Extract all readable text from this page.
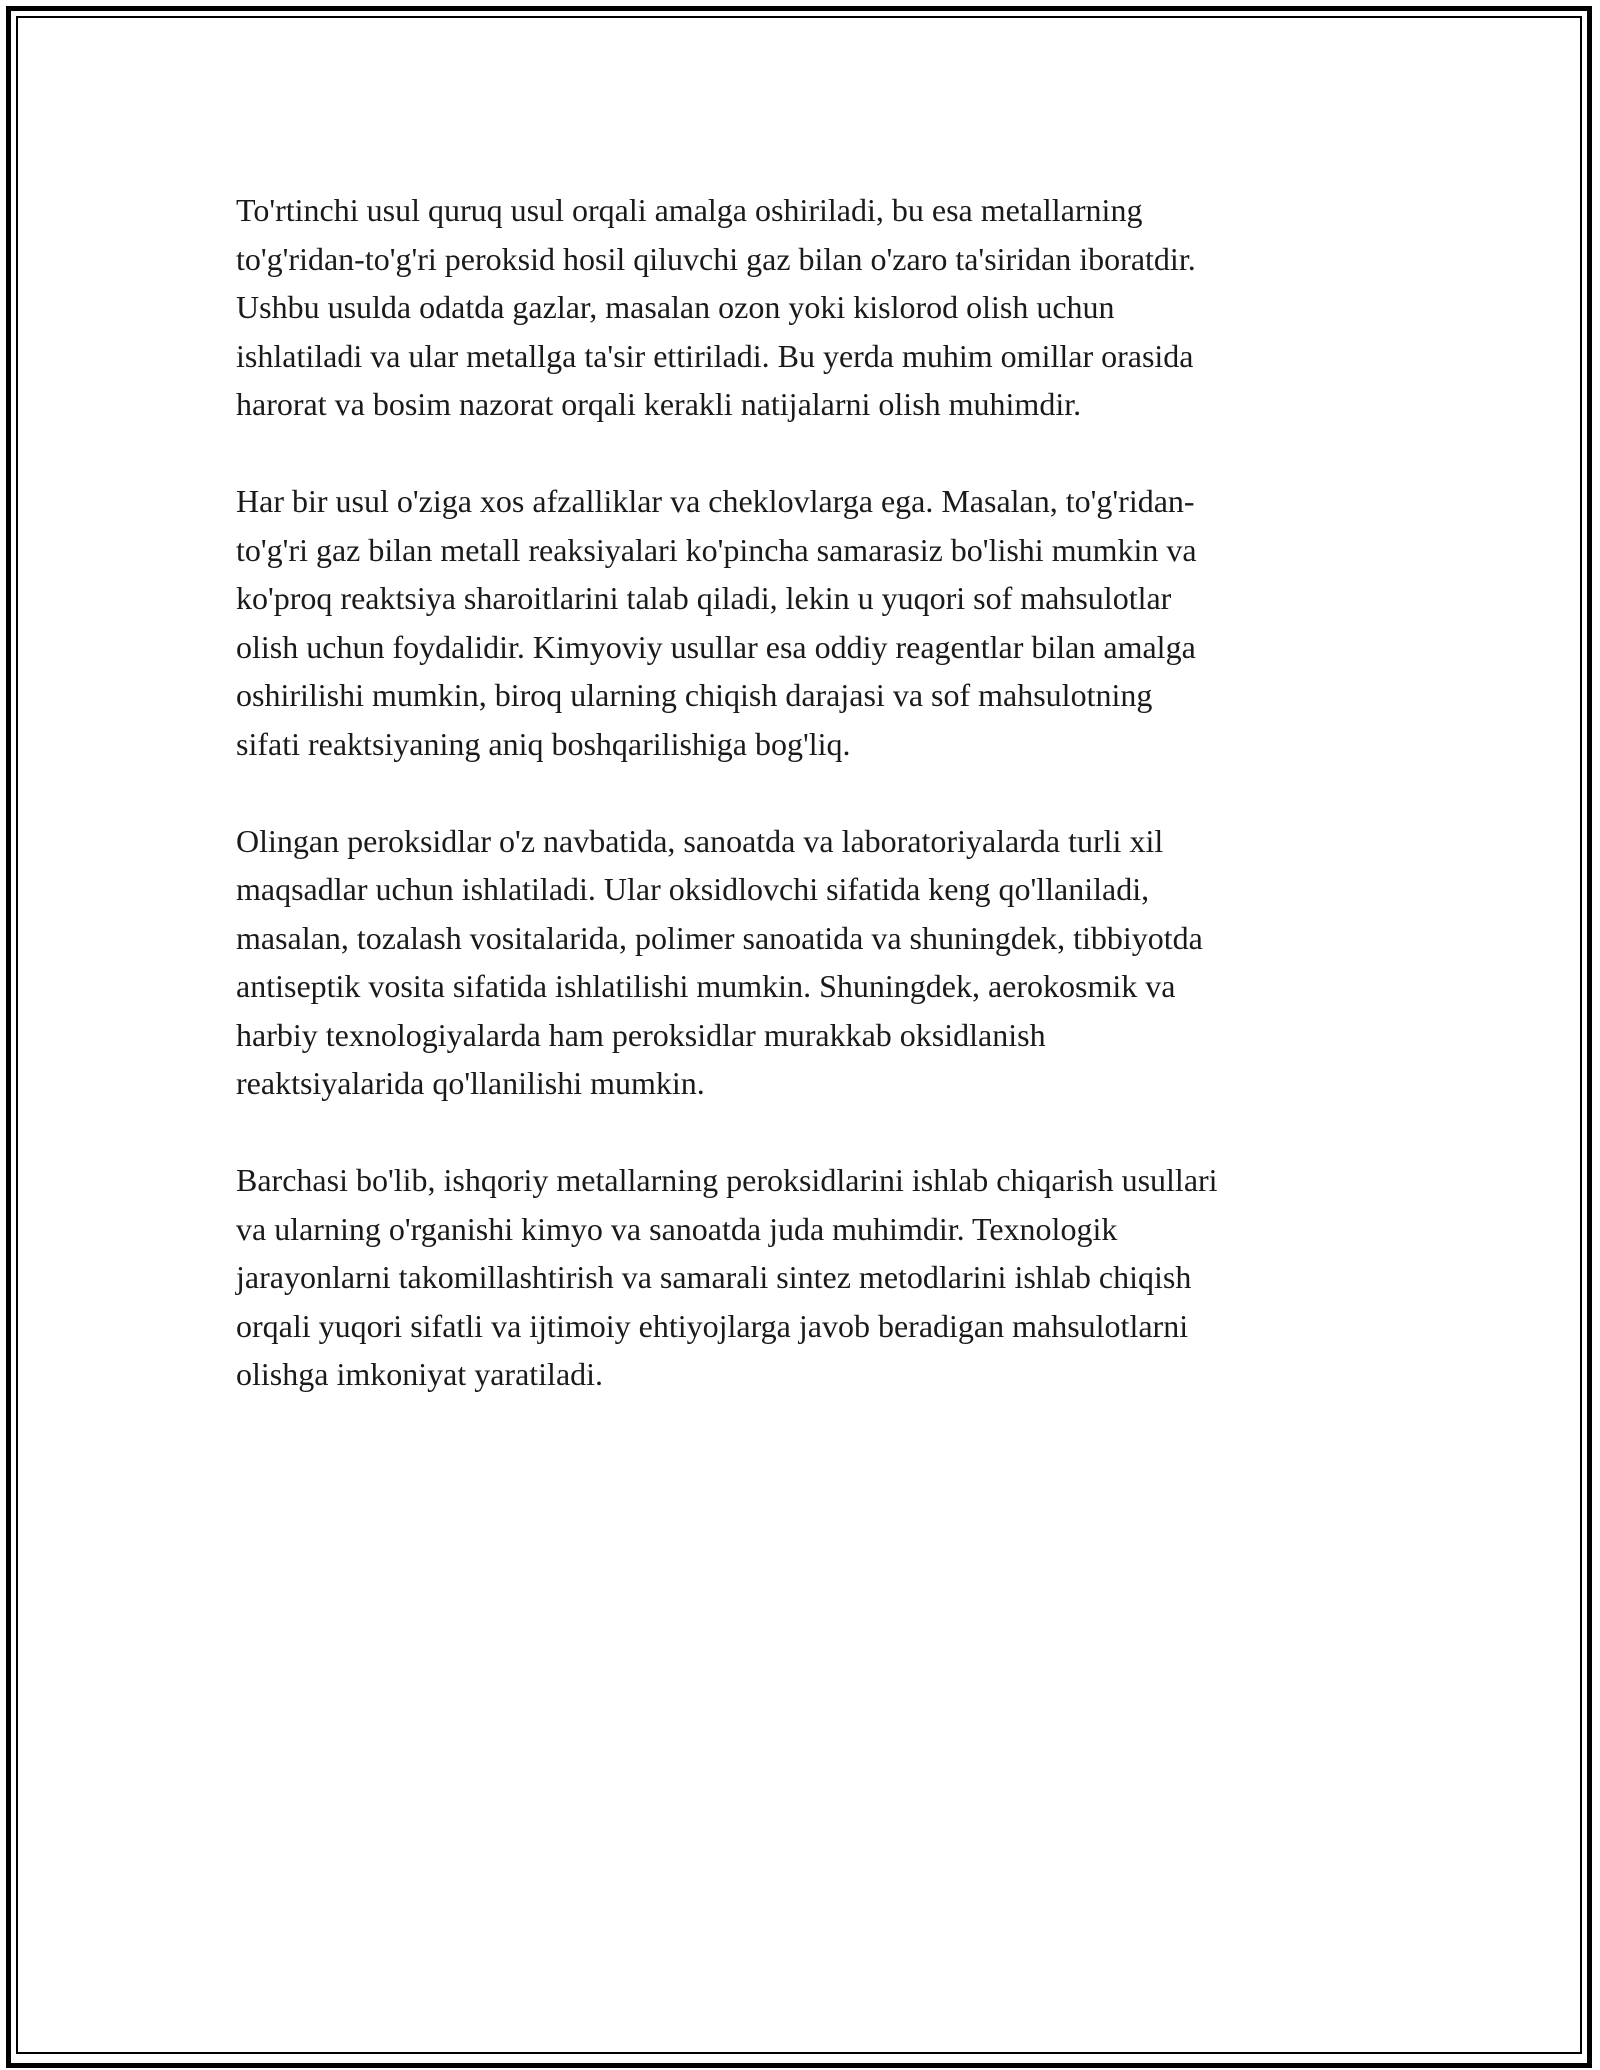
To'rtinchi usul quruq usul orqali amalga oshiriladi, bu esa metallarning
to'g'ridan-to'g'ri peroksid hosil qiluvchi gaz bilan o'zaro ta'siridan iboratdir.
Ushbu usulda odatda gazlar, masalan ozon yoki kislorod olish uchun
ishlatiladi va ular metallga ta'sir ettiriladi. Bu yerda muhim omillar orasida
harorat va bosim nazorat orqali kerakli natijalarni olish muhimdir.

Har bir usul o'ziga xos afzalliklar va cheklovlarga ega. Masalan, to'g'ridan-
to'g'ri gaz bilan metall reaksiyalari ko'pincha samarasiz bo'lishi mumkin va
ko'proq reaktsiya sharoitlarini talab qiladi, lekin u yuqori sof mahsulotlar
olish uchun foydalidir. Kimyoviy usullar esa oddiy reagentlar bilan amalga
oshirilishi mumkin, biroq ularning chiqish darajasi va sof mahsulotning
sifati reaktsiyaning aniq boshqarilishiga bog'liq.

Olingan peroksidlar o'z navbatida, sanoatda va laboratoriyalarda turli xil
maqsadlar uchun ishlatiladi. Ular oksidlovchi sifatida keng qo'llaniladi,
masalan, tozalash vositalarida, polimer sanoatida va shuningdek, tibbiyotda
antiseptik vosita sifatida ishlatilishi mumkin. Shuningdek, aerokosmik va
harbiy texnologiyalarda ham peroksidlar murakkab oksidlanish
reaktsiyalarida qo'llanilishi mumkin.

Barchasi bo'lib, ishqoriy metallarning peroksidlarini ishlab chiqarish usullari
va ularning o'rganishi kimyo va sanoatda juda muhimdir. Texnologik
jarayonlarni takomillashtirish va samarali sintez metodlarini ishlab chiqish
orqali yuqori sifatli va ijtimoiy ehtiyojlarga javob beradigan mahsulotlarni
olishga imkoniyat yaratiladi.
